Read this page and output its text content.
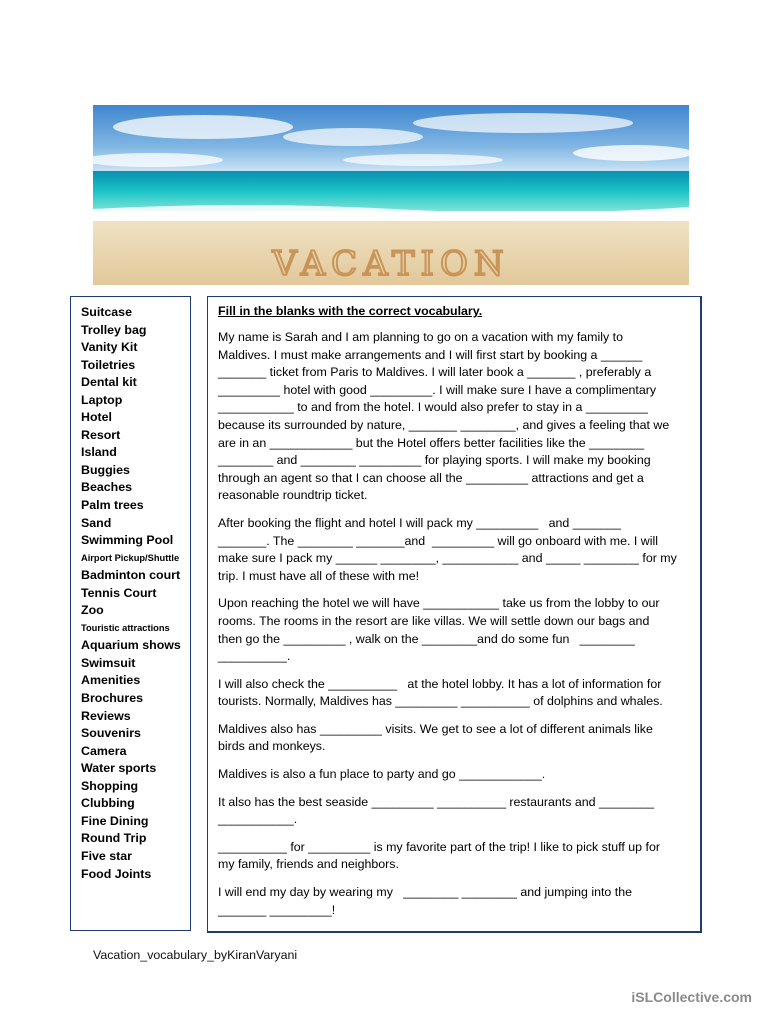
VACATION
Suitcase
Trolley bag
Vanity Kit
Toiletries
Dental kit
Laptop
Hotel
Resort
Island
Buggies
Beaches
Palm trees
Sand
Swimming Pool
Airport Pickup/Shuttle
Badminton court
Tennis Court
Zoo
Touristic attractions
Aquarium shows
Swimsuit
Amenities
Brochures
Reviews
Souvenirs
Camera
Water sports
Shopping
Clubbing
Fine Dining
Round Trip
Five star
Food Joints
Fill in the blanks with the correct vocabulary.
My name is Sarah and I am planning to go on a vacation with my family to
Maldives. I must make arrangements and I will first start by booking a ______
_______ ticket from Paris to Maldives. I will later book a _______ , preferably a
_________ hotel with good _________. I will make sure I have a complimentary
___________ to and from the hotel. I would also prefer to stay in a _________
because its surrounded by nature, _______ ________, and gives a feeling that we
are in an ____________ but the Hotel offers better facilities like the ________
________ and ________ _________ for playing sports. I will make my booking
through an agent so that I can choose all the _________ attractions and get a
reasonable roundtrip ticket.
After booking the flight and hotel I will pack my _________   and _______
_______. The ________ _______and  _________ will go onboard with me. I will
make sure I pack my ______ ________, ___________ and _____ ________ for my
trip. I must have all of these with me!
Upon reaching the hotel we will have ___________ take us from the lobby to our
rooms. The rooms in the resort are like villas. We will settle down our bags and
then go the _________ , walk on the ________and do some fun   ________
__________.
I will also check the __________   at the hotel lobby. It has a lot of information for
tourists. Normally, Maldives has _________ __________ of dolphins and whales.
Maldives also has _________ visits. We get to see a lot of different animals like
birds and monkeys.
Maldives is also a fun place to party and go ____________.
It also has the best seaside _________ __________ restaurants and ________
___________.
__________ for _________ is my favorite part of the trip! I like to pick stuff up for
my family, friends and neighbors.
I will end my day by wearing my   ________ ________ and jumping into the
_______ _________!
Vacation_vocabulary_byKiranVaryani
iSLCollective.com
